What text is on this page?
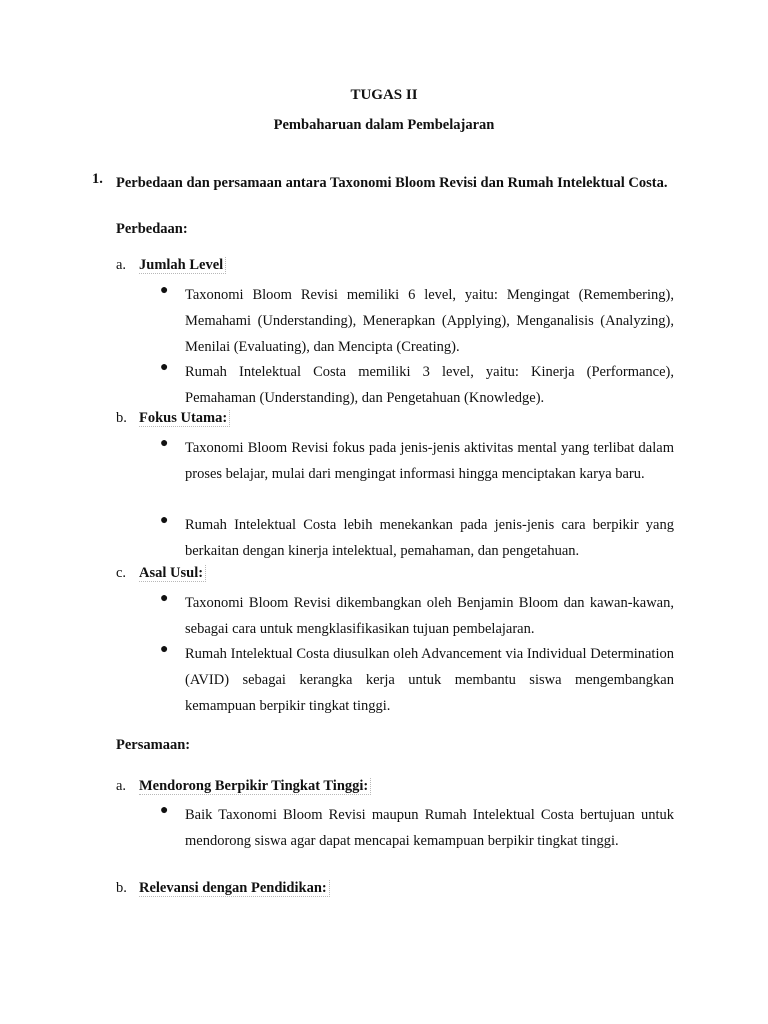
TUGAS II
Pembaharuan dalam Pembelajaran
1. Perbedaan dan persamaan antara Taxonomi Bloom Revisi dan Rumah Intelektual Costa.
Perbedaan:
a. Jumlah Level
● Taxonomi Bloom Revisi memiliki 6 level, yaitu: Mengingat (Remembering), Memahami (Understanding), Menerapkan (Applying), Menganalisis (Analyzing), Menilai (Evaluating), dan Mencipta (Creating).
● Rumah Intelektual Costa memiliki 3 level, yaitu: Kinerja (Performance), Pemahaman (Understanding), dan Pengetahuan (Knowledge).
b. Fokus Utama:
● Taxonomi Bloom Revisi fokus pada jenis-jenis aktivitas mental yang terlibat dalam proses belajar, mulai dari mengingat informasi hingga menciptakan karya baru.
● Rumah Intelektual Costa lebih menekankan pada jenis-jenis cara berpikir yang berkaitan dengan kinerja intelektual, pemahaman, dan pengetahuan.
c. Asal Usul:
● Taxonomi Bloom Revisi dikembangkan oleh Benjamin Bloom dan kawan-kawan, sebagai cara untuk mengklasifikasikan tujuan pembelajaran.
● Rumah Intelektual Costa diusulkan oleh Advancement via Individual Determination (AVID) sebagai kerangka kerja untuk membantu siswa mengembangkan kemampuan berpikir tingkat tinggi.
Persamaan:
a. Mendorong Berpikir Tingkat Tinggi:
● Baik Taxonomi Bloom Revisi maupun Rumah Intelektual Costa bertujuan untuk mendorong siswa agar dapat mencapai kemampuan berpikir tingkat tinggi.
b. Relevansi dengan Pendidikan:
